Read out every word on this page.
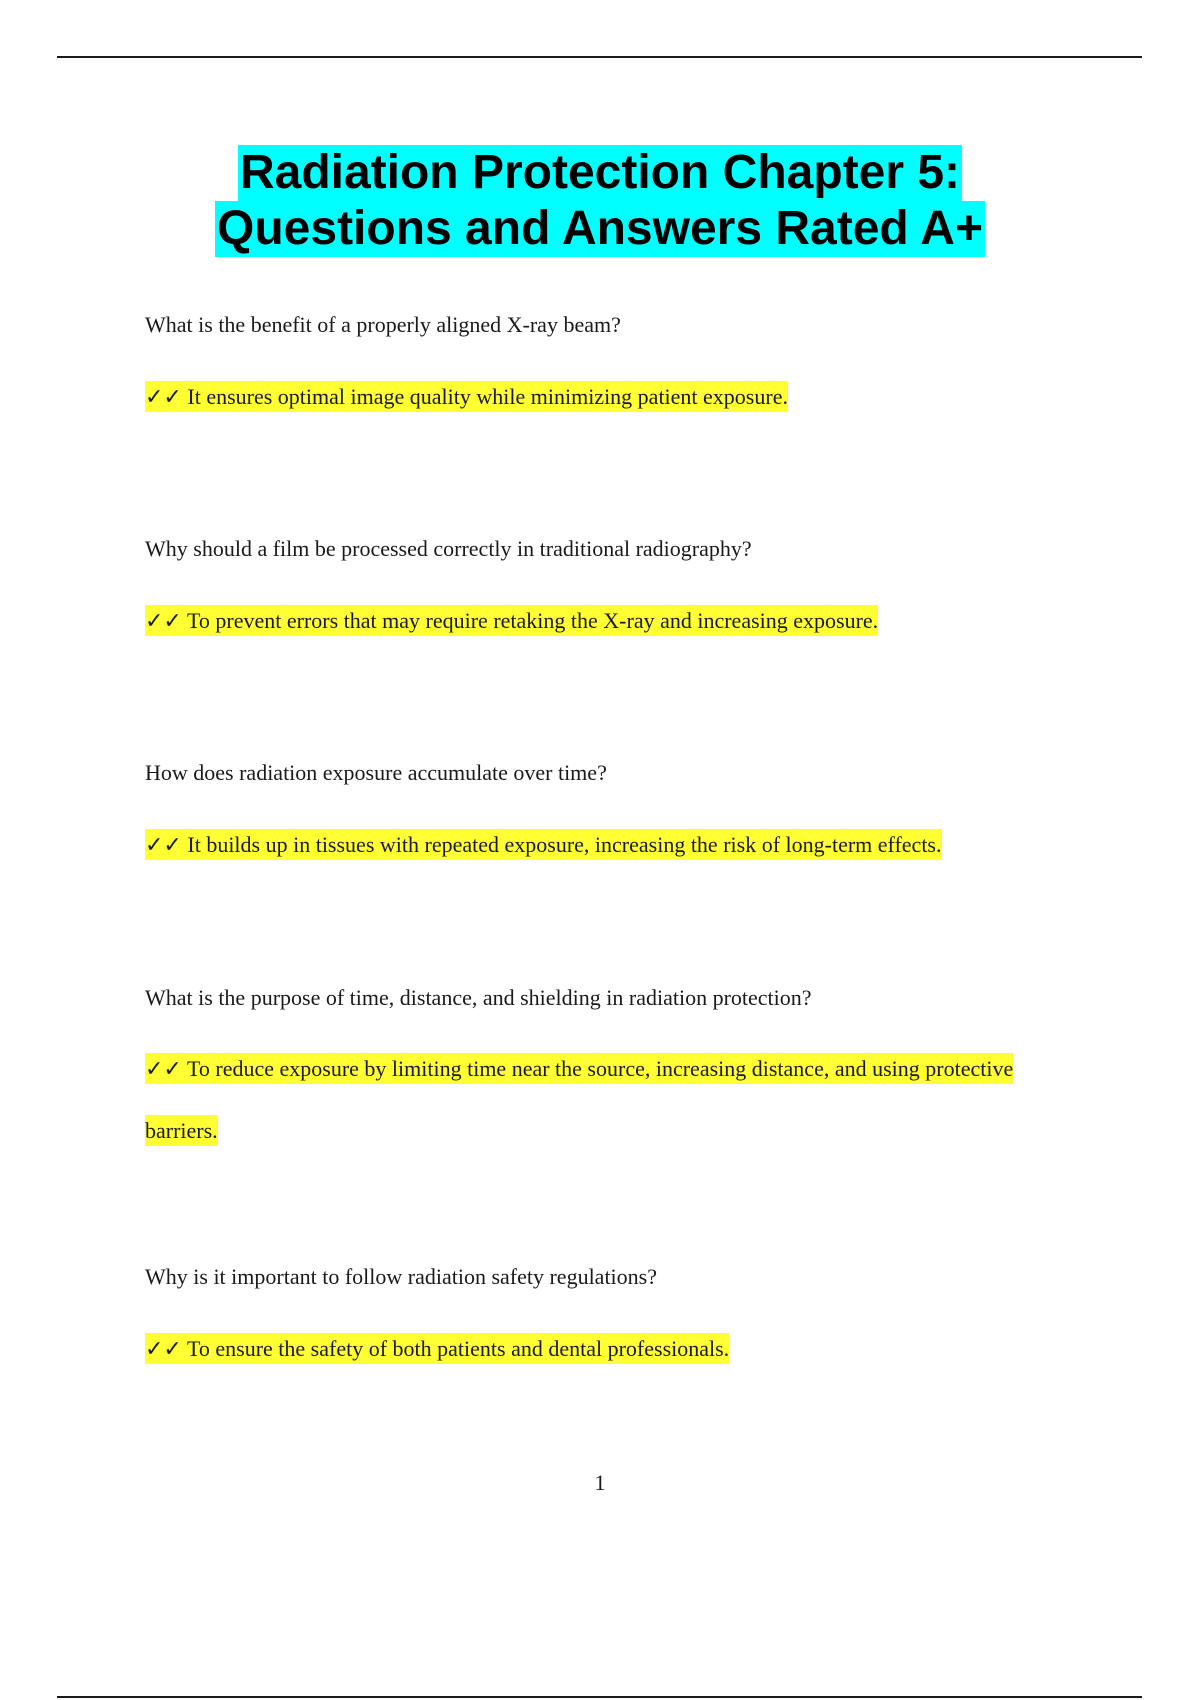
Radiation Protection Chapter 5:
Questions and Answers Rated A+
What is the benefit of a properly aligned X-ray beam?
✓✓ It ensures optimal image quality while minimizing patient exposure.
Why should a film be processed correctly in traditional radiography?
✓✓ To prevent errors that may require retaking the X-ray and increasing exposure.
How does radiation exposure accumulate over time?
✓✓ It builds up in tissues with repeated exposure, increasing the risk of long-term effects.
What is the purpose of time, distance, and shielding in radiation protection?
✓✓ To reduce exposure by limiting time near the source, increasing distance, and using protective barriers.
Why is it important to follow radiation safety regulations?
✓✓ To ensure the safety of both patients and dental professionals.
1
